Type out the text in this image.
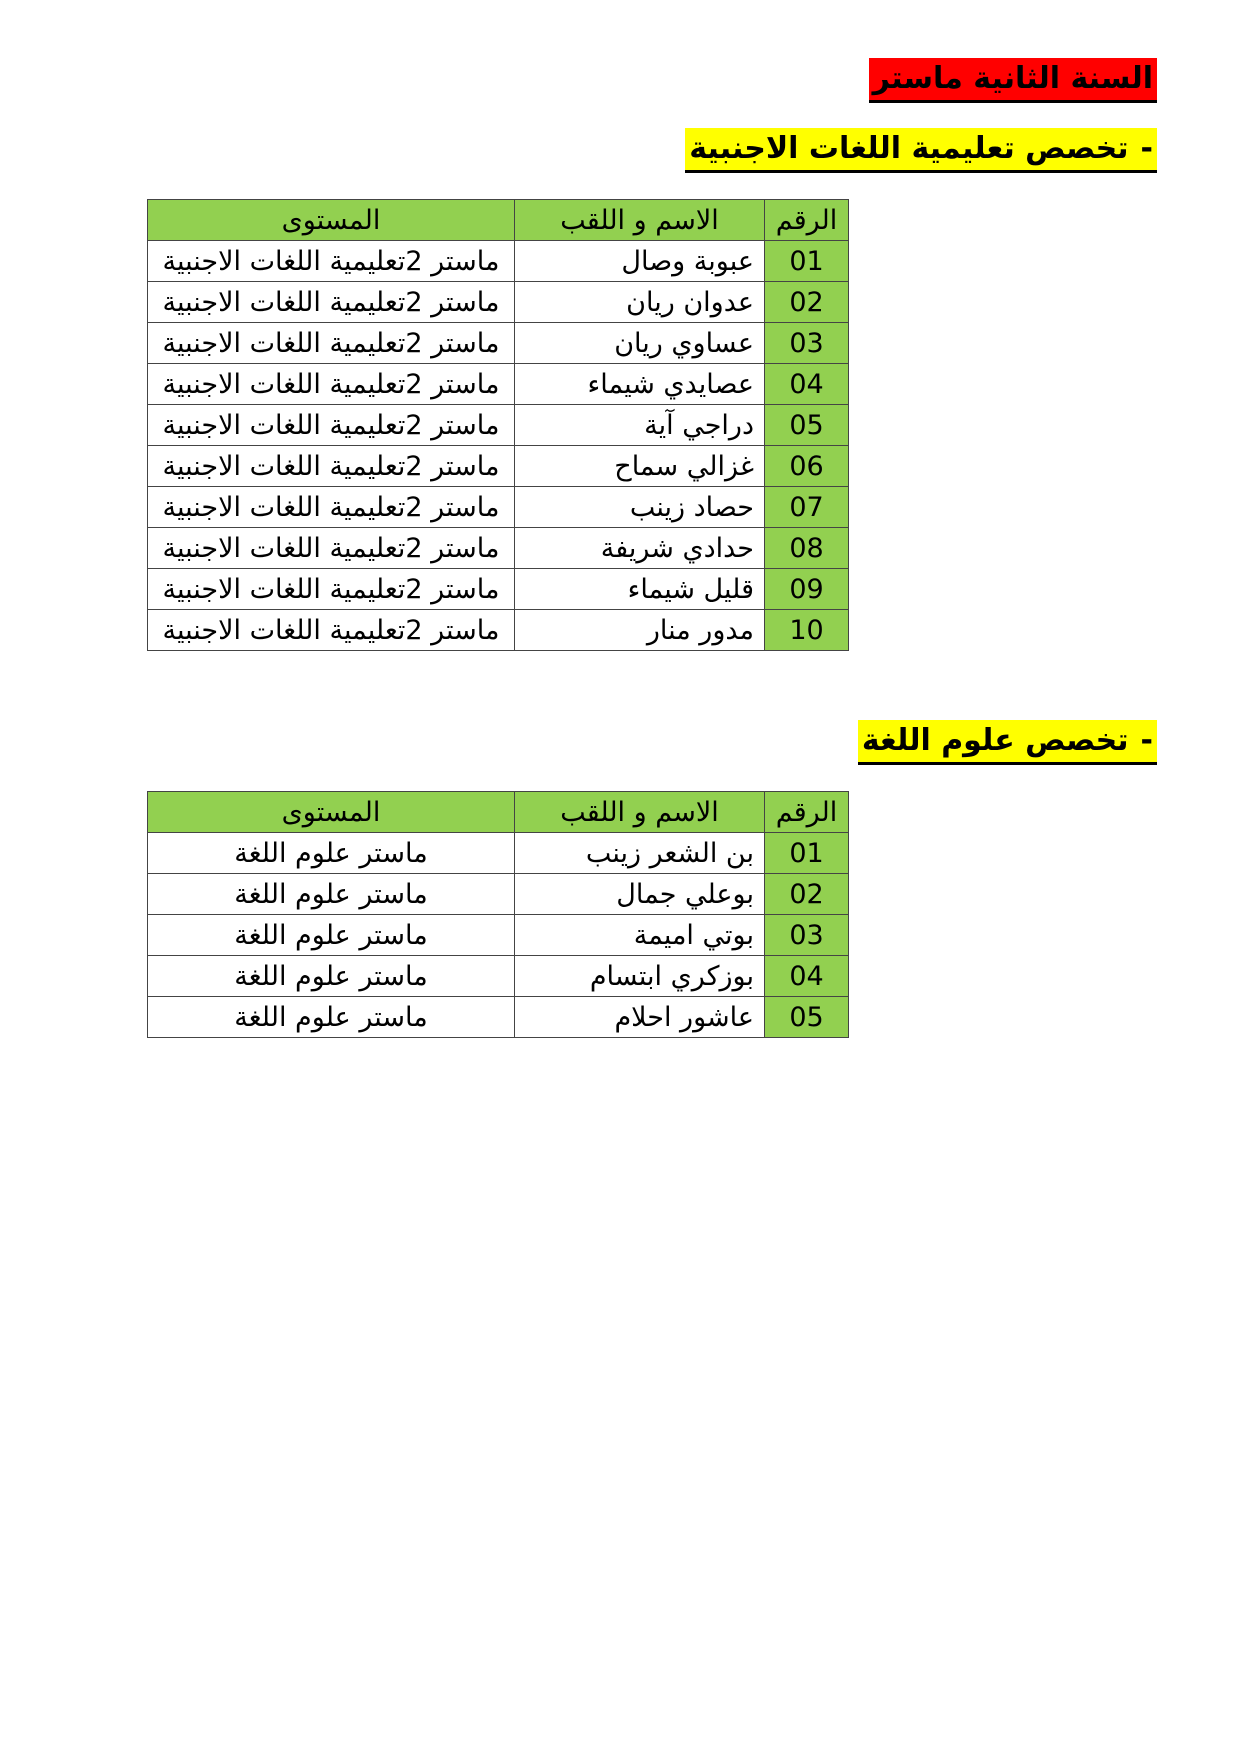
السنة الثانية ماستر
-تخصص تعليمية اللغات الاجنبية
الرقم	الاسم و اللقب	المستوى
01	عبوبة وصال	ماستر 2تعليمية اللغات الاجنبية
02	عدوان ريان	ماستر 2تعليمية اللغات الاجنبية
03	عساوي ريان	ماستر 2تعليمية اللغات الاجنبية
04	عصايدي شيماء	ماستر 2تعليمية اللغات الاجنبية
05	دراجي آية	ماستر 2تعليمية اللغات الاجنبية
06	غزالي سماح	ماستر 2تعليمية اللغات الاجنبية
07	حصاد زينب	ماستر 2تعليمية اللغات الاجنبية
08	حدادي شريفة	ماستر 2تعليمية اللغات الاجنبية
09	قليل شيماء	ماستر 2تعليمية اللغات الاجنبية
10	مدور منار	ماستر 2تعليمية اللغات الاجنبية
-تخصص علوم اللغة
الرقم	الاسم و اللقب	المستوى
01	بن الشعر زينب	ماستر علوم اللغة
02	بوعلي جمال	ماستر علوم اللغة
03	بوتي اميمة	ماستر علوم اللغة
04	بوزكري ابتسام	ماستر علوم اللغة
05	عاشور احلام	ماستر علوم اللغة
